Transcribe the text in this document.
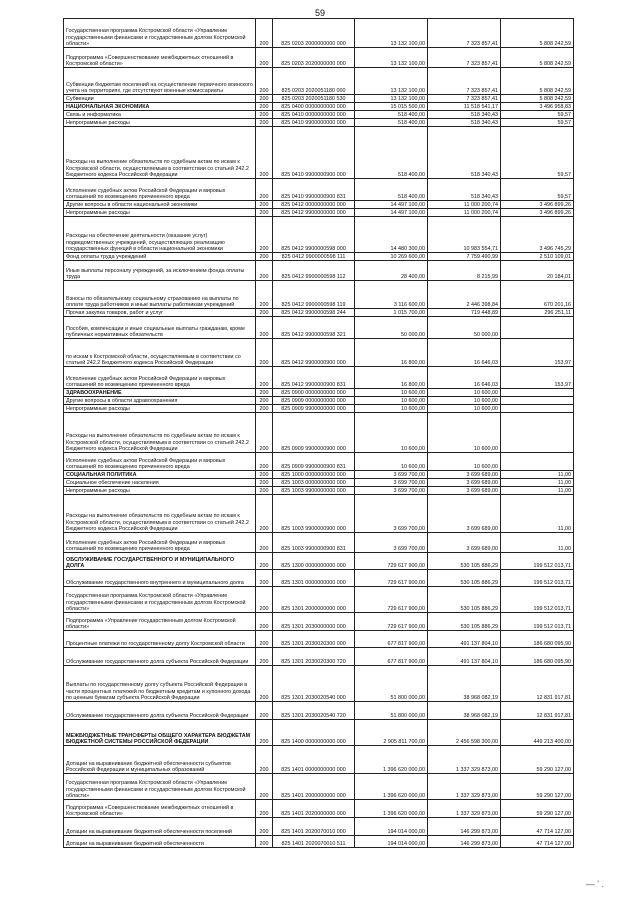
59
Государственная программа Костромской области «Управление государственными финансами и государственным долгом Костромской области»	200	825 0203 2000000000 000	13 132 100,00	7 323 857,41	5 808 242,59
Подпрограмма «Совершенствование межбюджетных отношений в Костромской области»	200	825 0203 2020000000 000	13 132 100,00	7 323 857,41	5 808 242,59
Субвенции бюджетам поселений на осуществление первичного воинского учета на территориях, где отсутствуют военные комиссариаты	200	825 0203 2020051180 000	13 132 100,00	7 323 857,41	5 808 242,59
Субвенции	200	825 0203 2020051180 530	13 132 100,00	7 323 857,41	5 808 242,59
НАЦИОНАЛЬНАЯ ЭКОНОМИКА	200	825 0400 0000000000 000	15 015 500,00	11 518 541,17	3 496 958,83
Связь и информатика	200	825 0410 0000000000 000	518 400,00	518 340,43	59,57
Непрограммные расходы	200	825 0410 9900000000 000	518 400,00	518 340,43	59,57
Расходы на выполнение обязательств по судебным актам по искам к Костромской области, осуществляемым в соответствии со статьей 242.2 Бюджетного кодекса Российской Федерации	200	825 0410 9900000900 000	518 400,00	518 340,43	59,57
Исполнение судебных актов Российской Федерации и мировых соглашений по возмещению причиненного вреда	200	825 0410 9900000900 831	518 400,00	518 340,43	59,57
Другие вопросы в области национальной экономики	200	825 0412 0000000000 000	14 497 100,00	11 000 200,74	3 496 899,26
Непрограммные расходы	200	825 0412 9900000000 000	14 497 100,00	11 000 200,74	3 496 899,26
Расходы на обеспечение деятельности (оказание услуг) подведомственных учреждений, осуществляющих реализацию государственных функций в области национальной экономики	200	825 0412 9900000598 000	14 480 300,00	10 983 554,71	3 496 745,29
Фонд оплаты труда учреждений	200	825 0412 9900000598 111	10 269 600,00	7 759 490,99	2 510 109,01
Иные выплаты персоналу учреждений, за исключением фонда оплаты труда	200	825 0412 9900000598 112	28 400,00	8 215,99	20 184,01
Взносы по обязательному социальному страхованию на выплаты по оплате труда работников и иные выплаты работникам учреждений	200	825 0412 9900000598 119	3 116 600,00	2 446 398,84	670 201,16
Прочая закупка товаров, работ и услуг	200	825 0412 9900000598 244	1 015 700,00	719 448,89	296 251,11
Пособия, компенсации и иные социальные выплаты гражданам, кроме публичных нормативных обязательств	200	825 0412 9900000598 321	50 000,00	50 000,00	
по искам к Костромской области, осуществляемым в соответствии со статьей 242.2 Бюджетного кодекса Российской Федерации	200	825 0412 9900000900 000	16 800,00	16 646,03	153,97
Исполнение судебных актов Российской Федерации и мировых соглашений по возмещению причиненного вреда	200	825 0412 9900000900 831	16 800,00	16 646,03	153,97
ЗДРАВООХРАНЕНИЕ	200	825 0900 0000000000 000	10 600,00	10 600,00	
Другие вопросы в области здравоохранения	200	825 0909 0000000000 000	10 600,00	10 600,00	
Непрограммные расходы	200	825 0909 9900000000 000	10 600,00	10 600,00	
Расходы на выполнение обязательств по судебным актам по искам к Костромской области, осуществляемым в соответствии со статьей 242.2 Бюджетного кодекса Российской Федерации	200	825 0909 9900000900 000	10 600,00	10 600,00	
Исполнение судебных актов Российской Федерации и мировых соглашений по возмещению причиненного вреда	200	825 0909 9900000900 831	10 600,00	10 600,00	
СОЦИАЛЬНАЯ ПОЛИТИКА	200	825 1000 0000000000 000	3 699 700,00	3 699 689,00	11,00
Социальное обеспечение населения	200	825 1003 0000000000 000	3 699 700,00	3 699 689,00	11,00
Непрограммные расходы	200	825 1003 9900000000 000	3 699 700,00	3 699 689,00	11,00
Расходы на выполнение обязательств по судебным актам по искам к Костромской области, осуществляемым в соответствии со статьей 242.2 Бюджетного кодекса Российской Федерации	200	825 1003 9900000900 000	3 699 700,00	3 699 689,00	11,00
Исполнение судебных актов Российской Федерации и мировых соглашений по возмещению причиненного вреда	200	825 1003 9900000900 831	3 699 700,00	3 699 689,00	11,00
ОБСЛУЖИВАНИЕ ГОСУДАРСТВЕННОГО И МУНИЦИПАЛЬНОГО ДОЛГА	200	825 1300 0000000000 000	729 617 900,00	530 105 886,29	199 512 013,71
Обслуживание государственного внутреннего и муниципального долга	200	825 1301 0000000000 000	729 617 900,00	530 105 886,29	199 512 013,71
Государственная программа Костромской области «Управление государственными финансами и государственным долгом Костромской области»	200	825 1301 2000000000 000	729 617 900,00	530 105 886,29	199 512 013,71
Подпрограмма «Управление государственным долгом Костромской области»	200	825 1301 2030000000 000	729 617 900,00	530 105 886,29	199 512 013,71
Процентные платежи по государственному долгу Костромской области	200	825 1301 2030020300 000	677 817 900,00	491 137 804,10	186 680 095,90
Обслуживание государственного долга субъекта Российской Федерации	200	825 1301 2030020300 720	677 817 900,00	491 137 804,10	186 680 095,90
Выплаты по государственному долгу субъекта Российской Федерации в части процентных платежей по бюджетным кредитам и купонного дохода по ценным бумагам субъекта Российской Федерации	200	825 1301 2030020540 000	51 800 000,00	38 968 082,19	12 831 917,81
Обслуживание государственного долга субъекта Российской Федерации	200	825 1301 2030020540 720	51 800 000,00	38 968 082,19	12 831 917,81
МЕЖБЮДЖЕТНЫЕ ТРАНСФЕРТЫ ОБЩЕГО ХАРАКТЕРА БЮДЖЕТАМ БЮДЖЕТНОЙ СИСТЕМЫ РОССИЙСКОЙ ФЕДЕРАЦИИ	200	825 1400 0000000000 000	2 905 811 700,00	2 456 598 300,00	449 213 400,00
Дотации на выравнивание бюджетной обеспеченности субъектов Российской Федерации и муниципальных образований	200	825 1401 0000000000 000	1 396 620 000,00	1 337 329 873,00	59 290 127,00
Государственная программа Костромской области «Управление государственными финансами и государственным долгом Костромской области»	200	825 1401 2000000000 000	1 396 620 000,00	1 337 329 873,00	59 290 127,00
Подпрограмма «Совершенствование межбюджетных отношений в Костромской области»	200	825 1401 2020000000 000	1 396 620 000,00	1 337 329 873,00	59 290 127,00
Дотации на выравнивание бюджетной обеспеченности поселений	200	825 1401 2020070010 000	194 014 000,00	146 299 873,00	47 714 127,00
Дотации на выравнивание бюджетной обеспеченности	200	825 1401 2020070010 511	194 014 000,00	146 299 873,00	47 714 127,00
― ' .
